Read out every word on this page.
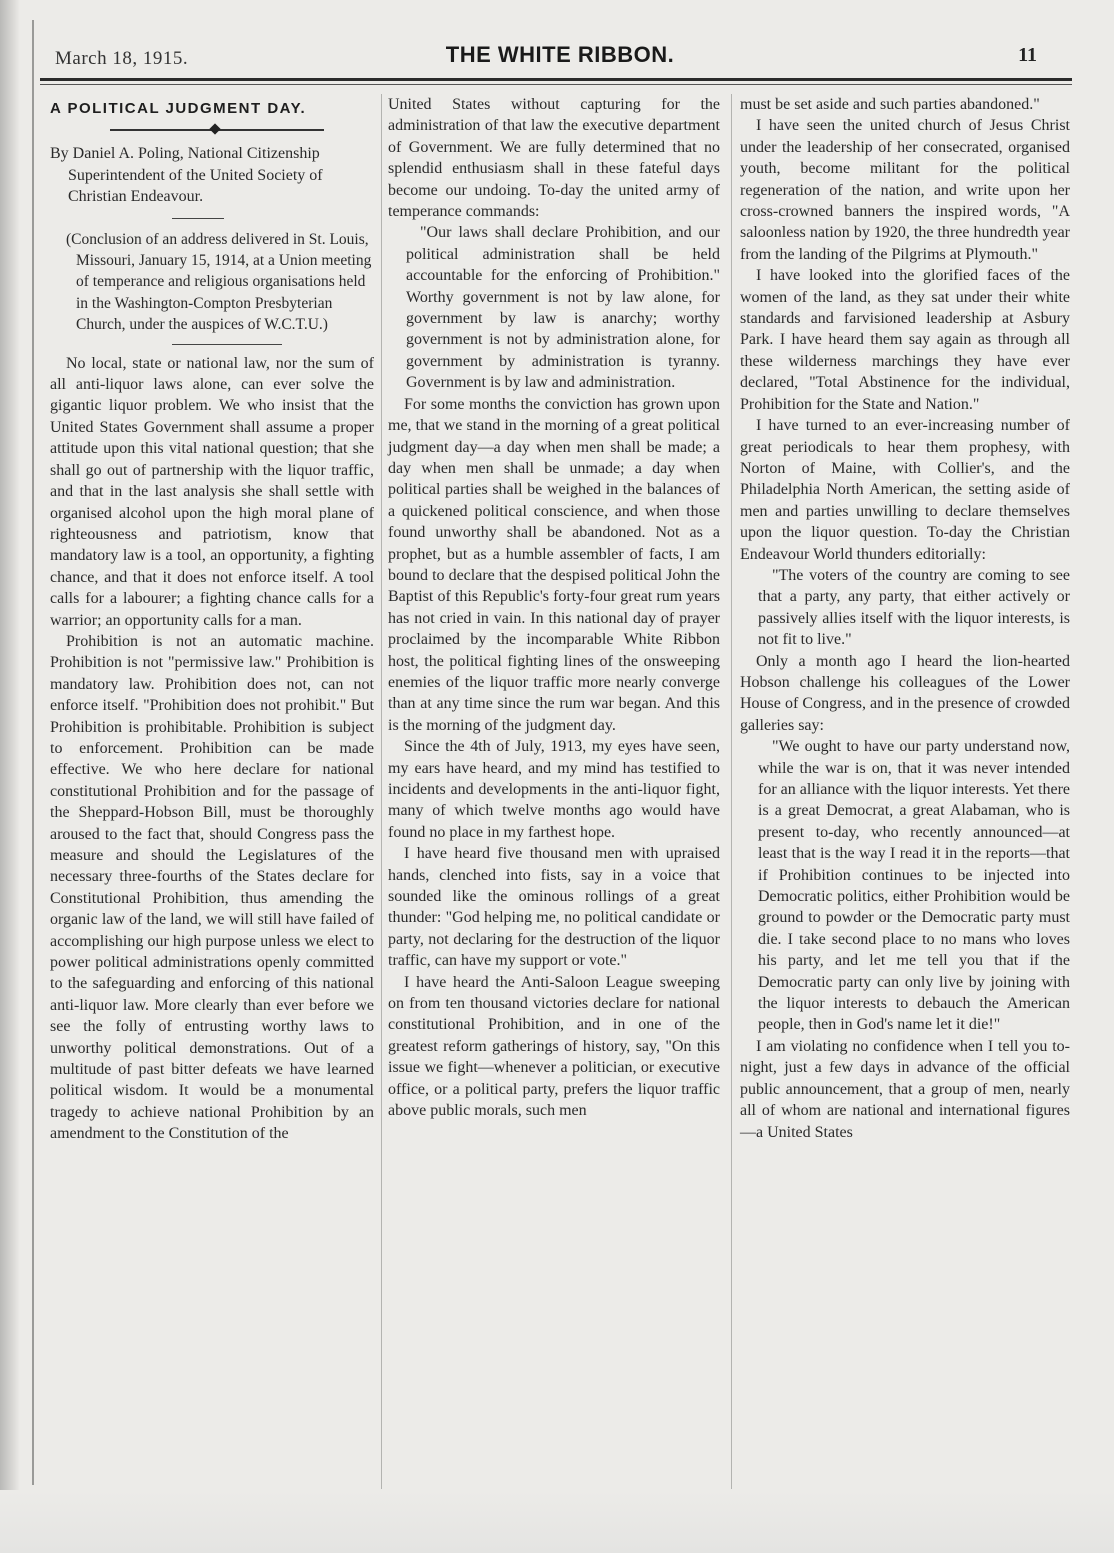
March 18, 1915.	THE WHITE RIBBON.	11
A POLITICAL JUDGMENT DAY.
By Daniel A. Poling, National Citizenship Superintendent of the United Society of Christian Endeavour.
(Conclusion of an address delivered in St. Louis, Missouri, January 15, 1914, at a Union meeting of temperance and religious organisations held in the Washington-Compton Presbyterian Church, under the auspices of W.C.T.U.)

No local, state or national law, nor the sum of all anti-liquor laws alone, can ever solve the gigantic liquor problem. We who insist that the United States Government shall assume a proper attitude upon this vital national question; that she shall go out of partnership with the liquor traffic, and that in the last analysis she shall settle with organised alcohol upon the high moral plane of righteousness and patriotism, know that mandatory law is a tool, an opportunity, a fighting chance, and that it does not enforce itself. A tool calls for a labourer; a fighting chance calls for a warrior; an opportunity calls for a man.

Prohibition is not an automatic machine. Prohibition is not "permissive law." Prohibition is mandatory law. Prohibition does not, can not enforce itself. "Prohibition does not prohibit." But Prohibition is prohibitable. Prohibition is subject to enforcement. Prohibition can be made effective. We who here declare for national constitutional Prohibition and for the passage of the Sheppard-Hobson Bill, must be thoroughly aroused to the fact that, should Congress pass the measure and should the Legislatures of the necessary three-fourths of the States declare for Constitutional Prohibition, thus amending the organic law of the land, we will still have failed of accomplishing our high purpose unless we elect to power political administrations openly committed to the safeguarding and enforcing of this national anti-liquor law. More clearly than ever before we see the folly of entrusting worthy laws to unworthy political demonstrations. Out of a multitude of past bitter defeats we have learned political wisdom. It would be a monumental tragedy to achieve national Prohibition by an amendment to the Constitution of the

United States without capturing for the administration of that law the executive department of Government. We are fully determined that no splendid enthusiasm shall in these fateful days become our undoing. To-day the united army of temperance commands:

"Our laws shall declare Prohibition, and our political administration shall be held accountable for the enforcing of Prohibition." Worthy government is not by law alone, for government by law is anarchy; worthy government is not by administration alone, for government by administration is tyranny. Government is by law and administration.

For some months the conviction has grown upon me, that we stand in the morning of a great political judgment day—a day when men shall be made; a day when men shall be unmade; a day when political parties shall be weighed in the balances of a quickened political conscience, and when those found unworthy shall be abandoned. Not as a prophet, but as a humble assembler of facts, I am bound to declare that the despised political John the Baptist of this Republic's forty-four great rum years has not cried in vain. In this national day of prayer proclaimed by the incomparable White Ribbon host, the political fighting lines of the onsweeping enemies of the liquor traffic more nearly converge than at any time since the rum war began. And this is the morning of the judgment day.

Since the 4th of July, 1913, my eyes have seen, my ears have heard, and my mind has testified to incidents and developments in the anti-liquor fight, many of which twelve months ago would have found no place in my farthest hope.

I have heard five thousand men with upraised hands, clenched into fists, say in a voice that sounded like the ominous rollings of a great thunder: "God helping me, no political candidate or party, not declaring for the destruction of the liquor traffic, can have my support or vote."

I have heard the Anti-Saloon League sweeping on from ten thousand victories declare for national constitutional Prohibition, and in one of the greatest reform gatherings of history, say, "On this issue we fight—whenever a politician, or executive office, or a political party, prefers the liquor traffic above public morals, such men

must be set aside and such parties abandoned."

I have seen the united church of Jesus Christ under the leadership of her consecrated, organised youth, become militant for the political regeneration of the nation, and write upon her cross-crowned banners the inspired words, "A saloonless nation by 1920, the three hundredth year from the landing of the Pilgrims at Plymouth."

I have looked into the glorified faces of the women of the land, as they sat under their white standards and farvisioned leadership at Asbury Park. I have heard them say again as through all these wilderness marchings they have ever declared, "Total Abstinence for the individual, Prohibition for the State and Nation."

I have turned to an ever-increasing number of great periodicals to hear them prophesy, with Norton of Maine, with Collier's, and the Philadelphia North American, the setting aside of men and parties unwilling to declare themselves upon the liquor question. To-day the Christian Endeavour World thunders editorially:

"The voters of the country are coming to see that a party, any party, that either actively or passively allies itself with the liquor interests, is not fit to live."

Only a month ago I heard the lion-hearted Hobson challenge his colleagues of the Lower House of Congress, and in the presence of crowded galleries say:

"We ought to have our party understand now, while the war is on, that it was never intended for an alliance with the liquor interests. Yet there is a great Democrat, a great Alabaman, who is present to-day, who recently announced—at least that is the way I read it in the reports—that if Prohibition continues to be injected into Democratic politics, either Prohibition would be ground to powder or the Democratic party must die. I take second place to no mans who loves his party, and let me tell you that if the Democratic party can only live by joining with the liquor interests to debauch the American people, then in God's name let it die!"

I am violating no confidence when I tell you to-night, just a few days in advance of the official public announcement, that a group of men, nearly all of whom are national and international figures—a United States
